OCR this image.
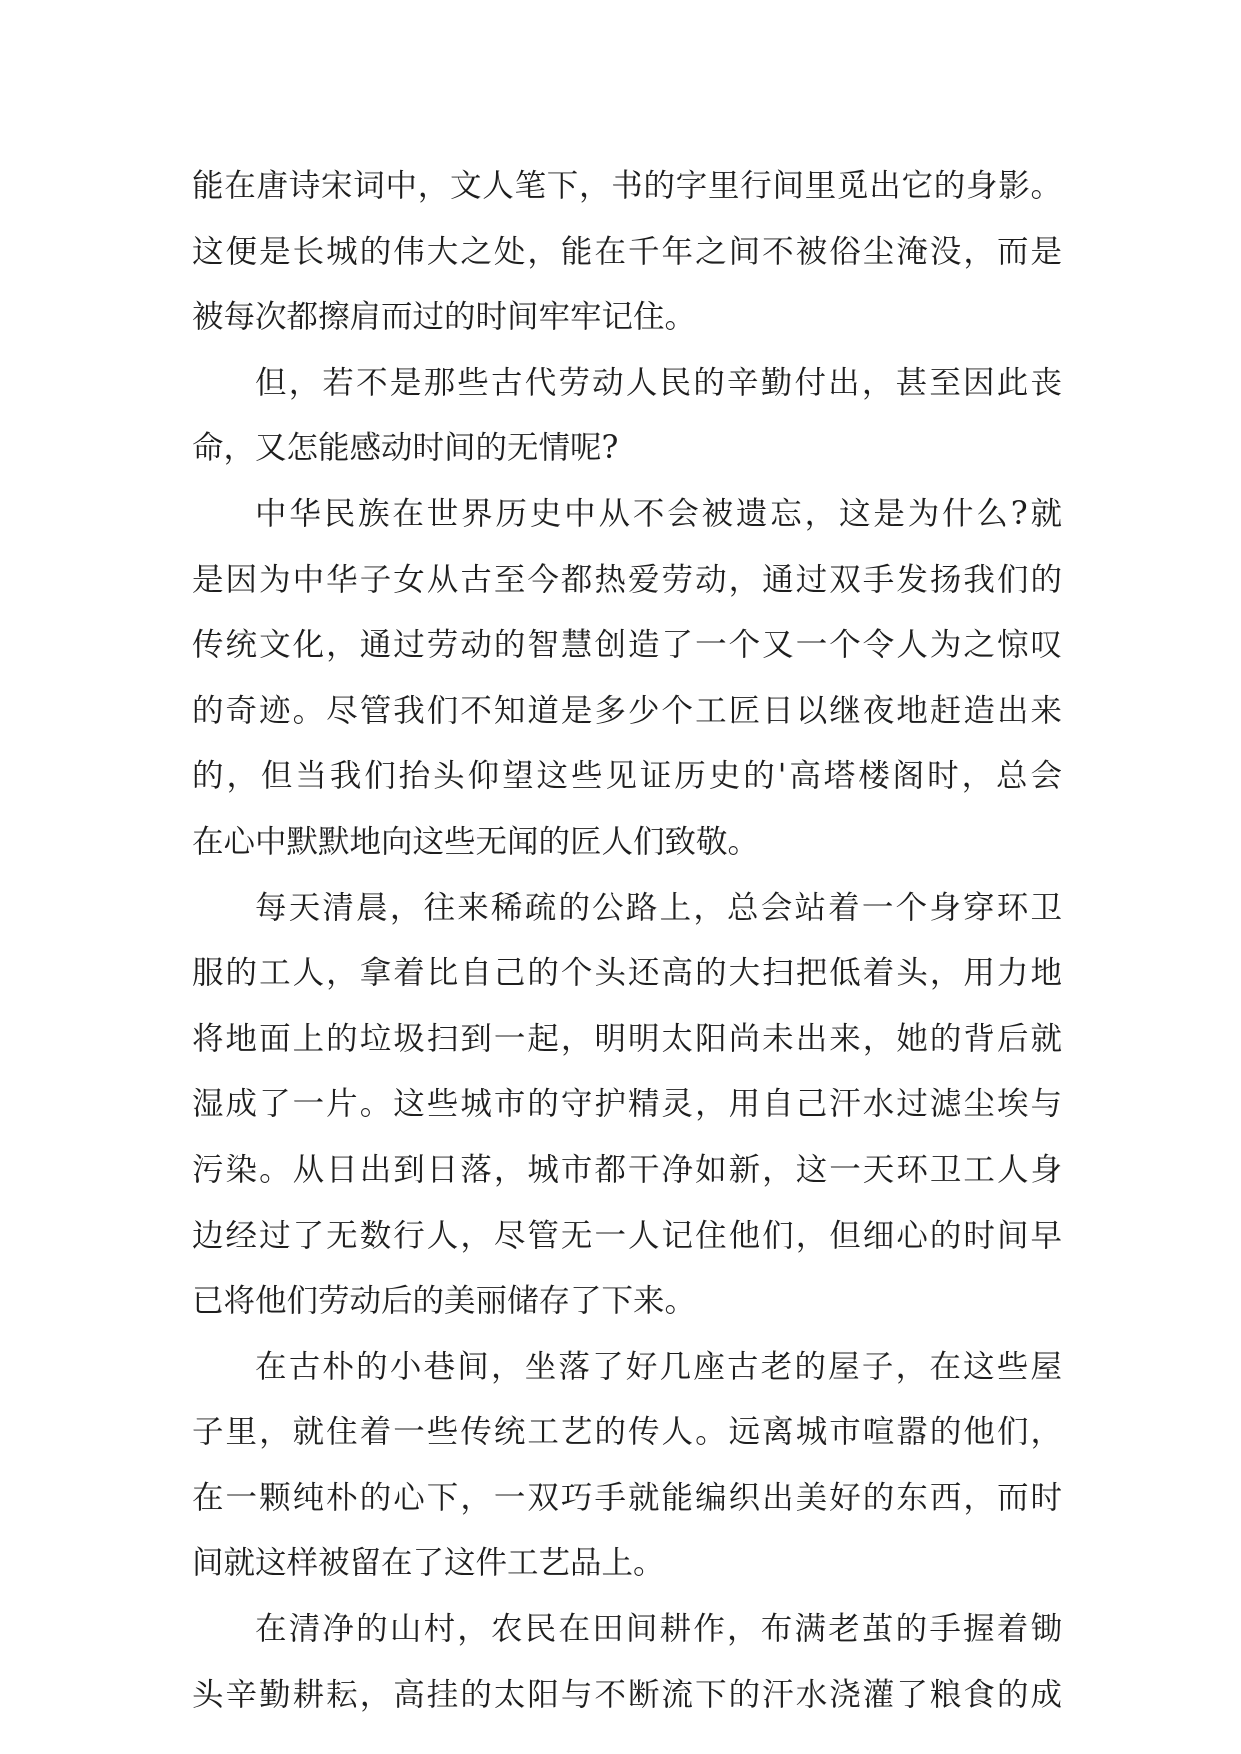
能在唐诗宋词中，文人笔下，书的字里行间里觅出它的身影。
这便是长城的伟大之处，能在千年之间不被俗尘淹没，而是
被每次都擦肩而过的时间牢牢记住。
但，若不是那些古代劳动人民的辛勤付出，甚至因此丧
命，又怎能感动时间的无情呢?
中华民族在世界历史中从不会被遗忘，这是为什么?就
是因为中华子女从古至今都热爱劳动，通过双手发扬我们的
传统文化，通过劳动的智慧创造了一个又一个令人为之惊叹
的奇迹。尽管我们不知道是多少个工匠日以继夜地赶造出来
的，但当我们抬头仰望这些见证历史的'高塔楼阁时，总会
在心中默默地向这些无闻的匠人们致敬。
每天清晨，往来稀疏的公路上，总会站着一个身穿环卫
服的工人，拿着比自己的个头还高的大扫把低着头，用力地
将地面上的垃圾扫到一起，明明太阳尚未出来，她的背后就
湿成了一片。这些城市的守护精灵，用自己汗水过滤尘埃与
污染。从日出到日落，城市都干净如新，这一天环卫工人身
边经过了无数行人，尽管无一人记住他们，但细心的时间早
已将他们劳动后的美丽储存了下来。
在古朴的小巷间，坐落了好几座古老的屋子，在这些屋
子里，就住着一些传统工艺的传人。远离城市喧嚣的他们，
在一颗纯朴的心下，一双巧手就能编织出美好的东西，而时
间就这样被留在了这件工艺品上。
在清净的山村，农民在田间耕作，布满老茧的手握着锄
头辛勤耕耘，高挂的太阳与不断流下的汗水浇灌了粮食的成
